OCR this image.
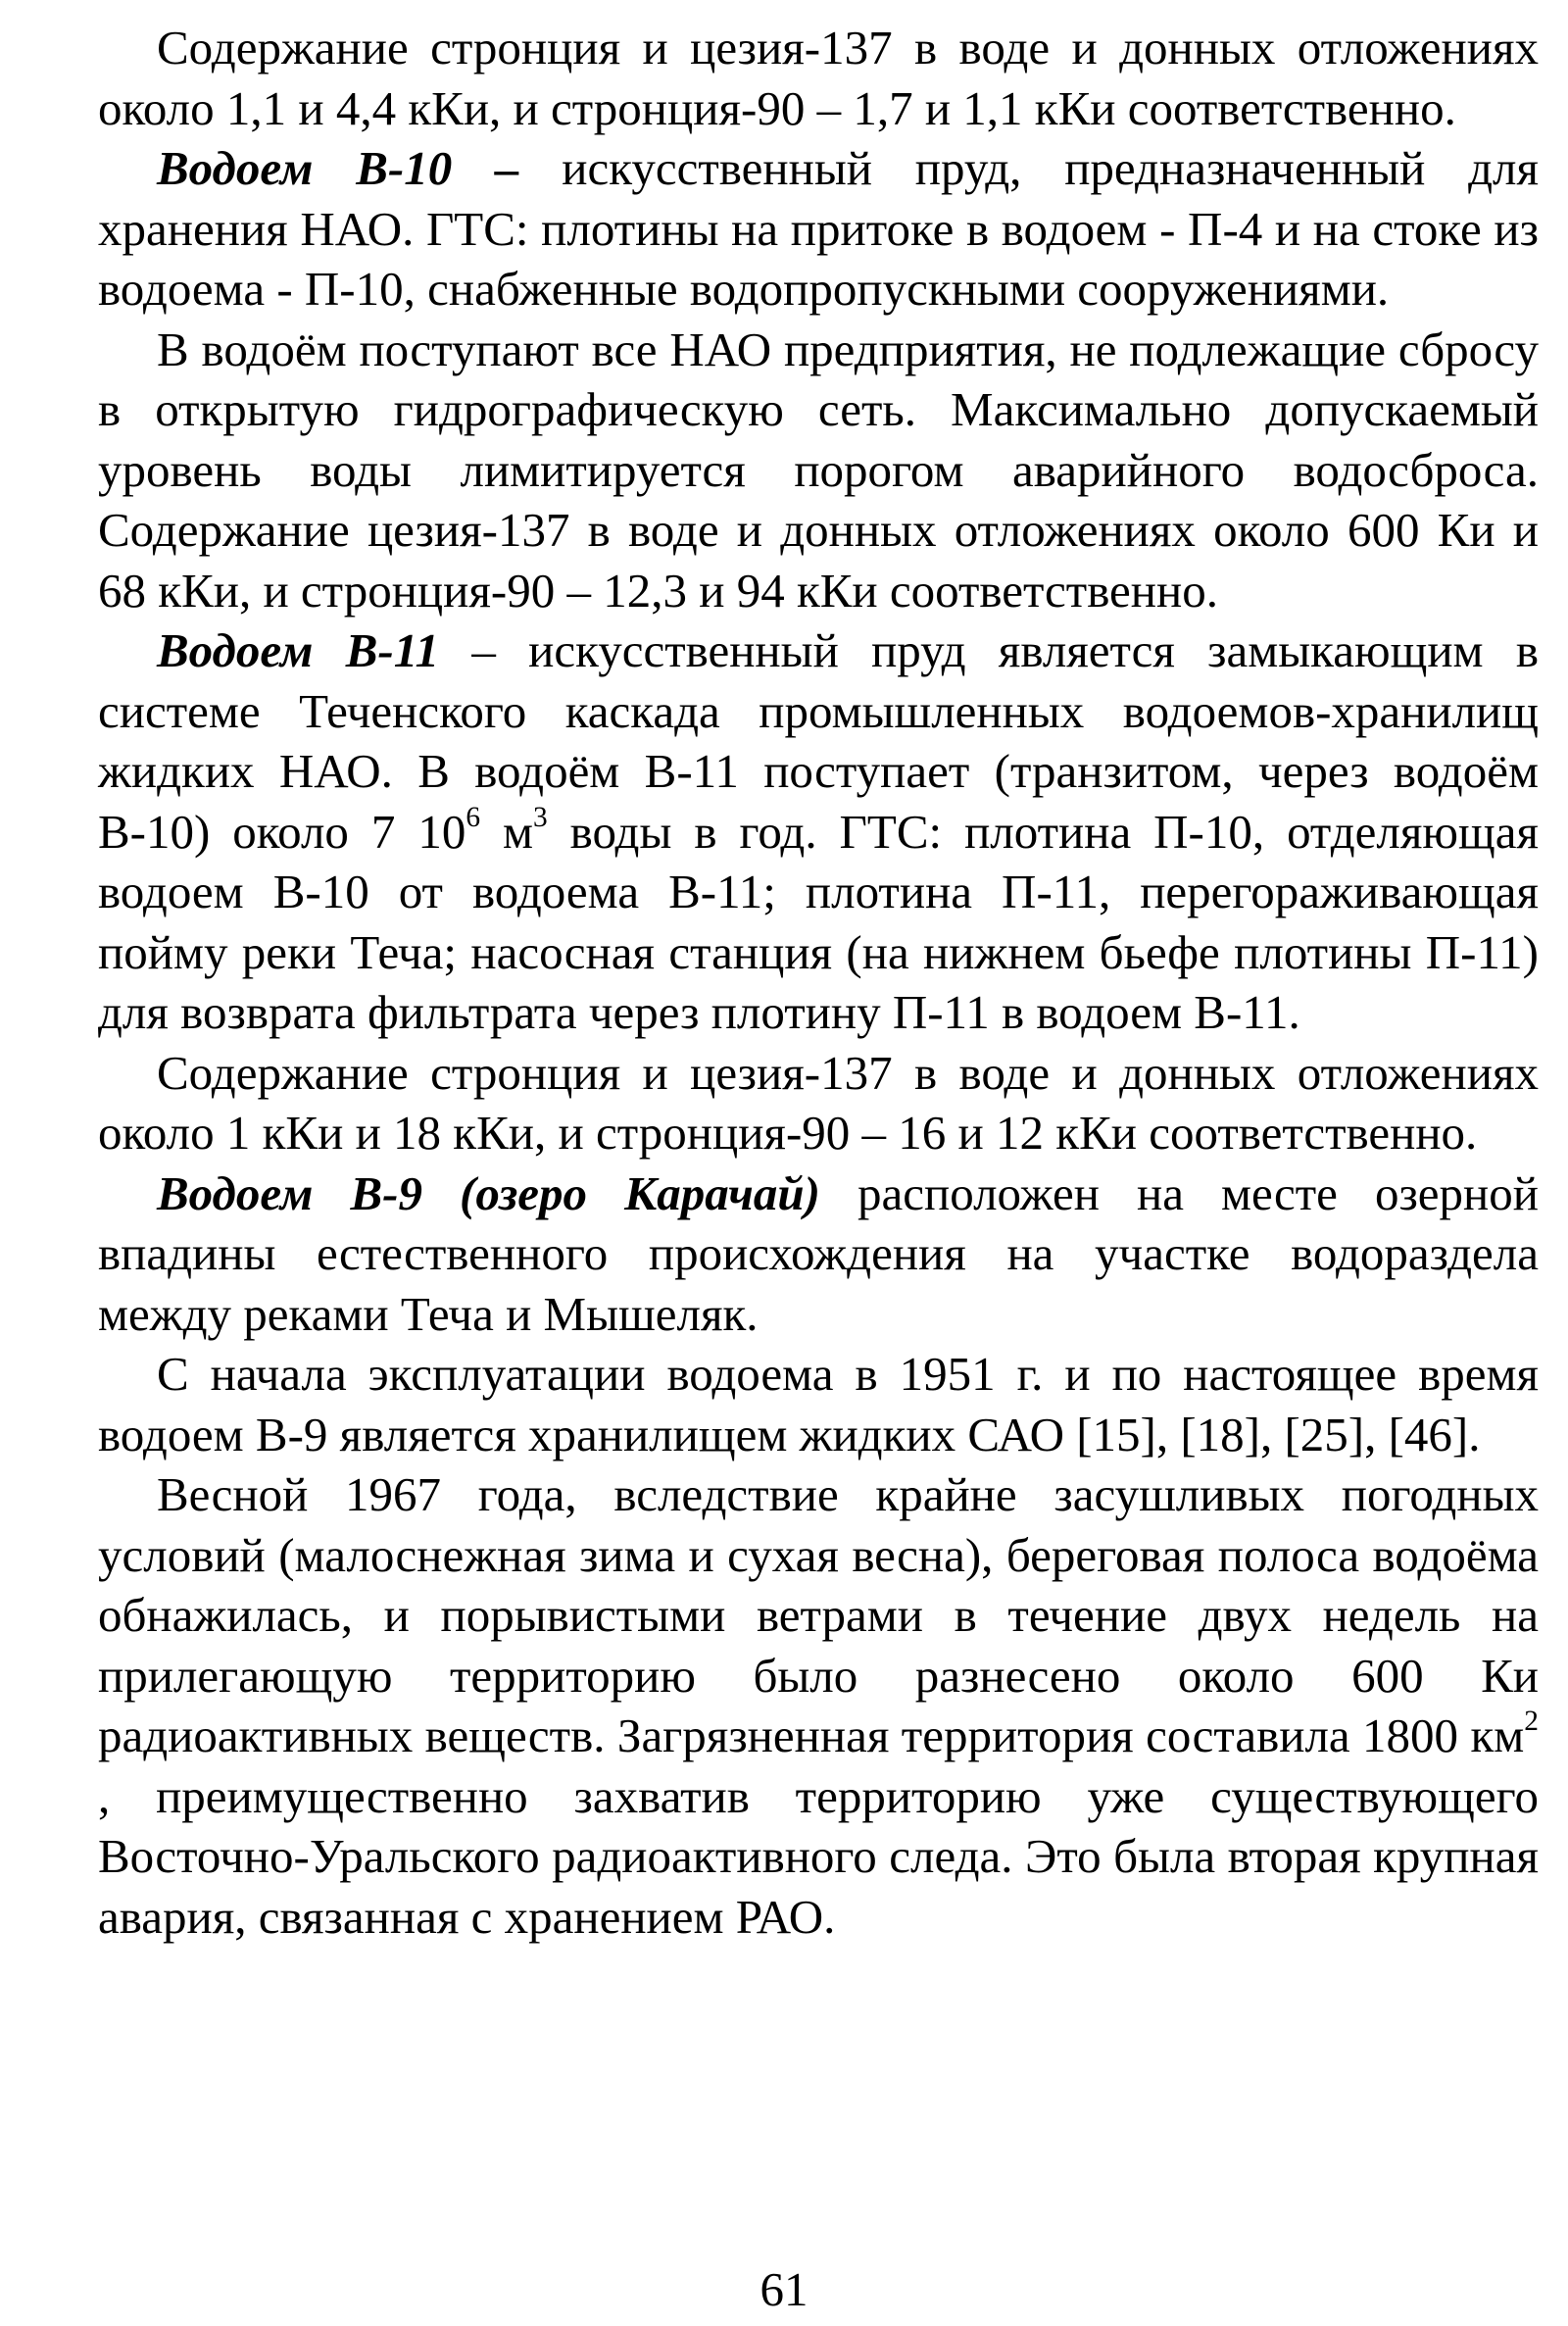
Содержание стронция и цезия-137 в воде и донных отложениях около 1,1 и 4,4 кКи, и стронция-90 – 1,7 и 1,1 кКи соответственно.

Водоем В-10 – искусственный пруд, предназначенный для хранения НАО. ГТС: плотины на притоке в водоем - П-4 и на стоке из водоема - П-10, снабженные водопропускными сооружениями.

В водоём поступают все НАО предприятия, не подлежащие сбросу в открытую гидрографическую сеть. Максимально допускаемый уровень воды лимитируется порогом аварийного водосброса. Содержание цезия-137 в воде и донных отложениях около 600 Ки и 68 кКи, и стронция-90 – 12,3 и 94 кКи соответственно.

Водоем В-11 – искусственный пруд является замыкающим в системе Теченского каскада промышленных водоемов-хранилищ жидких НАО. В водоём В-11 поступает (транзитом, через водоём В-10) около 7 $10^6$ $м^3$ воды в год. ГТС: плотина П-10, отделяющая водоем В-10 от водоема В-11; плотина П-11, перегораживающая пойму реки Теча; насосная станция (на нижнем бьефе плотины П-11) для возврата фильтрата через плотину П-11 в водоем В-11.

Содержание стронция и цезия-137 в воде и донных отложениях около 1 кКи и 18 кКи, и стронция-90 – 16 и 12 кКи соответственно.

Водоем В-9 (озеро Карачай) расположен на месте озерной впадины естественного происхождения на участке водораздела между реками Теча и Мышеляк.

С начала эксплуатации водоема в 1951 г. и по настоящее время водоем В-9 является хранилищем жидких САО [15], [18], [25], [46].

Весной 1967 года, вследствие крайне засушливых погодных условий (малоснежная зима и сухая весна), береговая полоса водоёма обнажилась, и порывистыми ветрами в течение двух недель на прилегающую территорию было разнесено около 600 Ки радиоактивных веществ. Загрязненная территория составила 1800 $км^2$ , преимущественно захватив территорию уже существующего Восточно-Уральского радиоактивного следа. Это была вторая крупная авария, связанная с хранением РАО.

61
